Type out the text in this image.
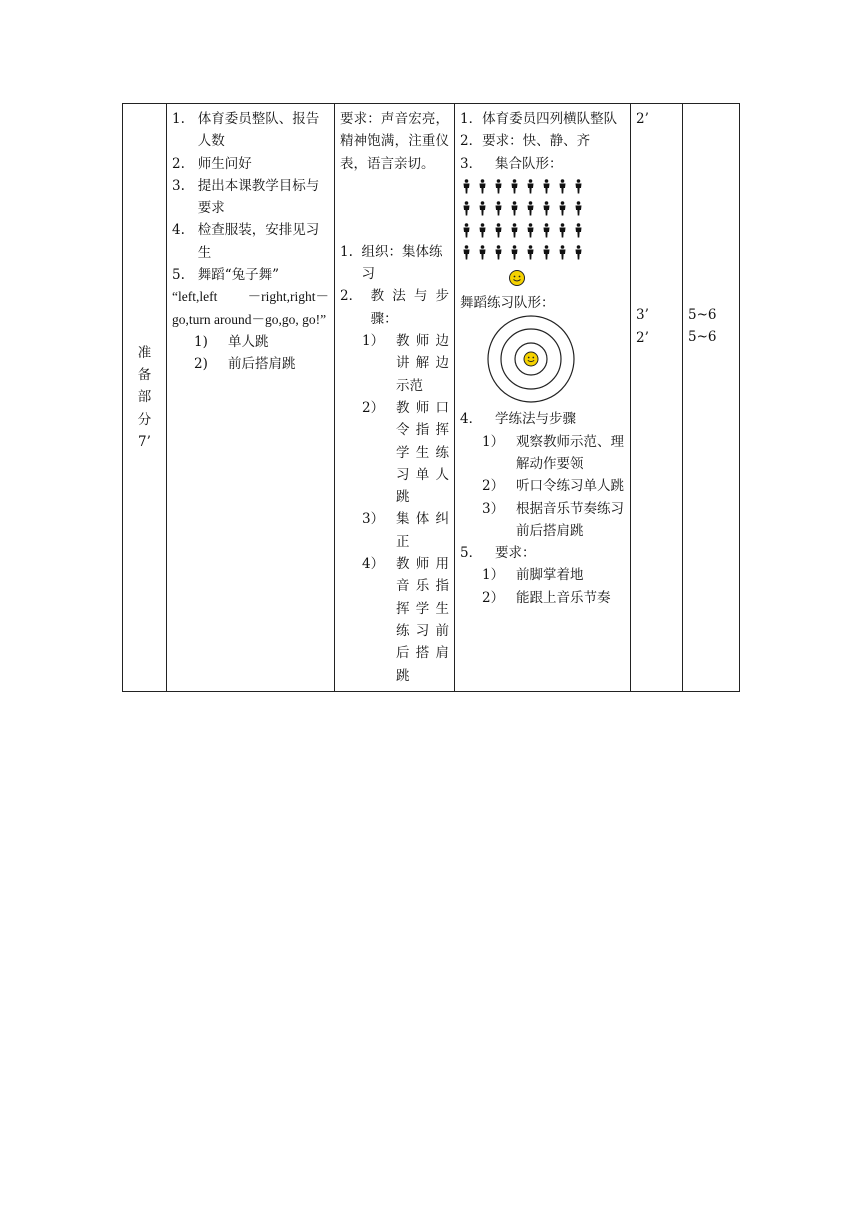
准
备
部
分
7’

1. 体育委员整队、报告人数
2. 师生问好
3. 提出本课教学目标与要求
4. 检查服装，安排见习生
5. 舞蹈“兔子舞”
“left,left －right,right－ go,turn around－go,go, go!”
1)	单人跳
2)	前后搭肩跳

要求：声音宏亮，精神饱满，注重仪表，语言亲切。
1. 组织：集体练习
2． 教法与步骤：
1） 教师边讲解边示范
2） 教师口令指挥学生练习单人跳
3） 集体纠正
4） 教师用音乐指挥学生练习前后搭肩跳

1． 体育委员四列横队整队
2． 要求：快、静、齐
3． 集合队形：
舞蹈练习队形：
4． 学练法与步骤
1） 观察教师示范、理解动作要领
2） 听口令练习单人跳
3） 根据音乐节奏练习前后搭肩跳
5． 要求：
1） 前脚掌着地
2） 能跟上音乐节奏

2’
3’
2’

5~6
5~6
